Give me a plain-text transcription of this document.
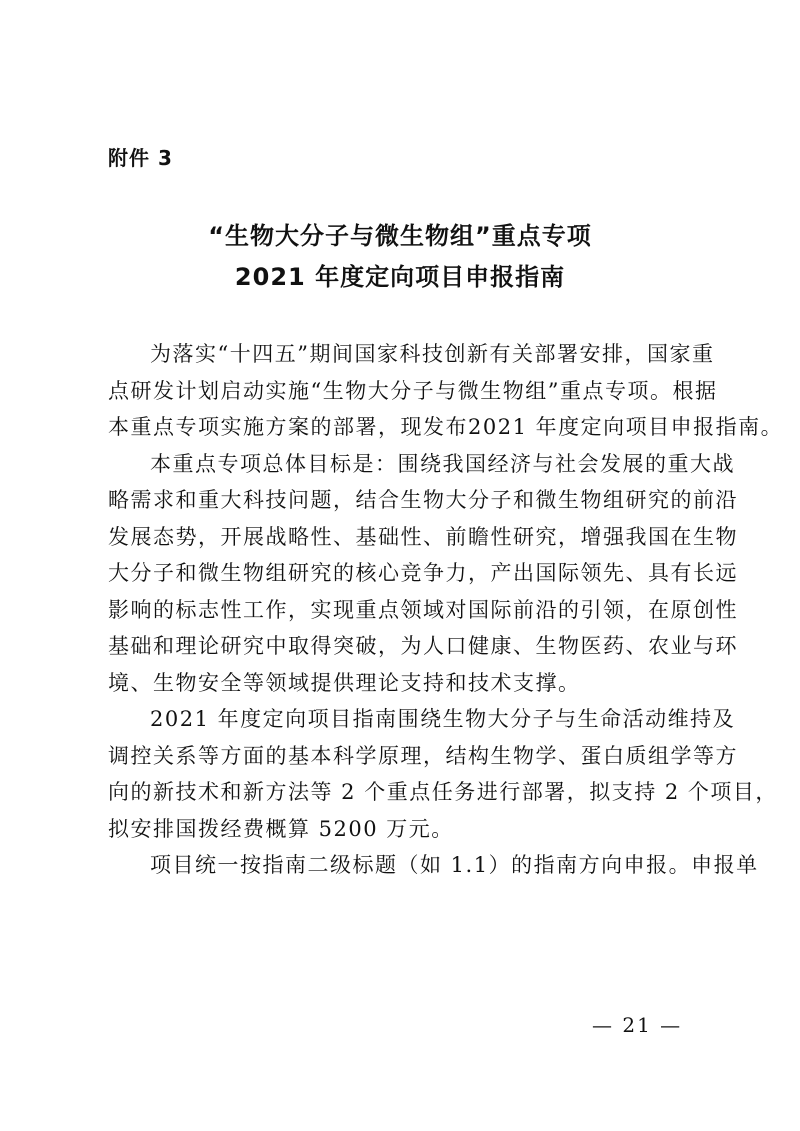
附件 3
“生物大分子与微生物组”重点专项
2021 年度定向项目申报指南
为落实“十四五”期间国家科技创新有关部署安排，国家重
点研发计划启动实施“生物大分子与微生物组”重点专项。根据
本重点专项实施方案的部署，现发布2021 年度定向项目申报指南。
本重点专项总体目标是：围绕我国经济与社会发展的重大战
略需求和重大科技问题，结合生物大分子和微生物组研究的前沿
发展态势，开展战略性、基础性、前瞻性研究，增强我国在生物
大分子和微生物组研究的核心竞争力，产出国际领先、具有长远
影响的标志性工作，实现重点领域对国际前沿的引领，在原创性
基础和理论研究中取得突破，为人口健康、生物医药、农业与环
境、生物安全等领域提供理论支持和技术支撑。
2021 年度定向项目指南围绕生物大分子与生命活动维持及
调控关系等方面的基本科学原理，结构生物学、蛋白质组学等方
向的新技术和新方法等 2 个重点任务进行部署，拟支持 2 个项目，
拟安排国拨经费概算 5200 万元。
项目统一按指南二级标题（如 1.1）的指南方向申报。申报单
— 21 —
